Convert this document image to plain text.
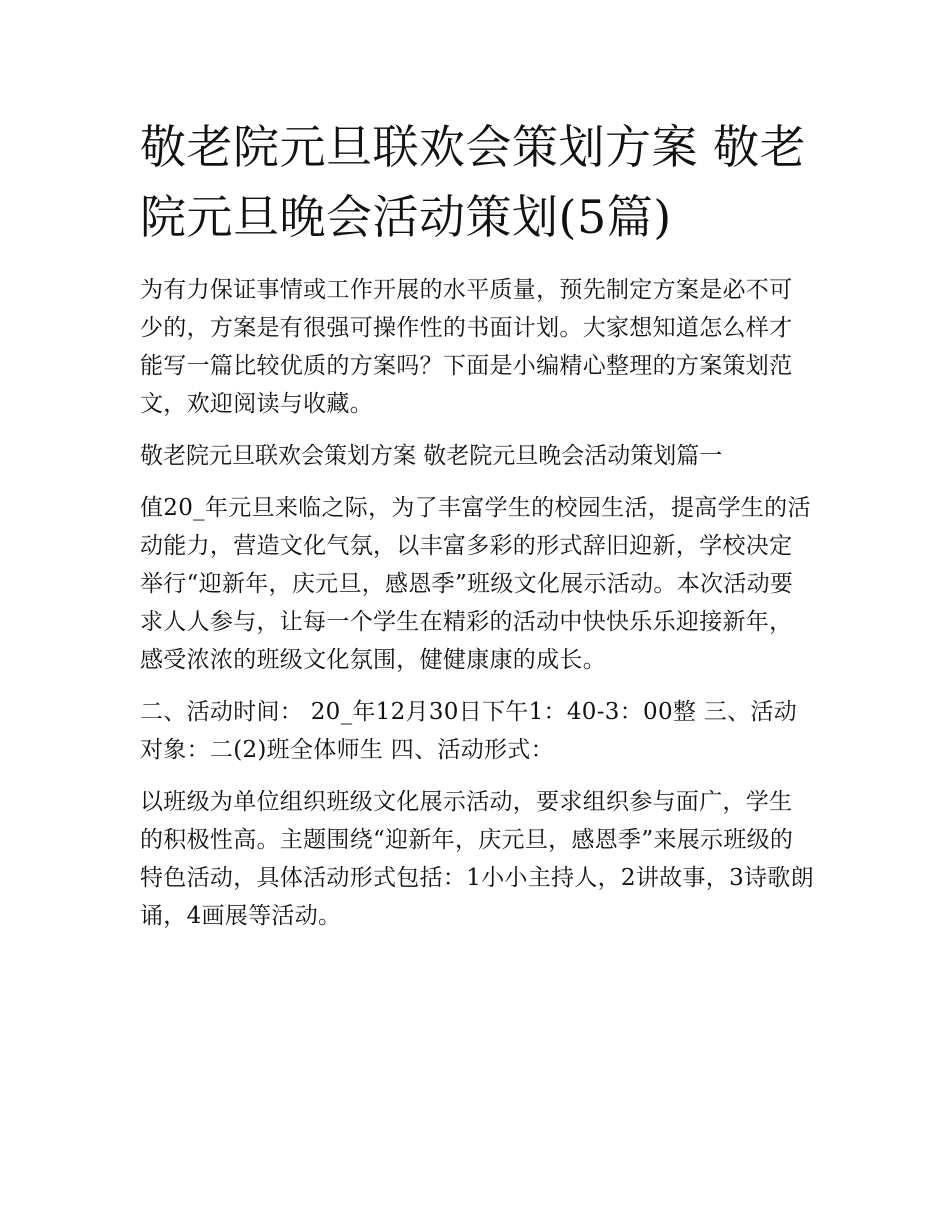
敬老院元旦联欢会策划方案 敬老院元旦晚会活动策划(5篇)

为有力保证事情或工作开展的水平质量，预先制定方案是必不可少的，方案是有很强可操作性的书面计划。大家想知道怎么样才能写一篇比较优质的方案吗？下面是小编精心整理的方案策划范文，欢迎阅读与收藏。

敬老院元旦联欢会策划方案 敬老院元旦晚会活动策划篇一

值20_年元旦来临之际，为了丰富学生的校园生活，提高学生的活动能力，营造文化气氛，以丰富多彩的形式辞旧迎新，学校决定举行“迎新年，庆元旦，感恩季”班级文化展示活动。本次活动要求人人参与，让每一个学生在精彩的活动中快快乐乐迎接新年，感受浓浓的班级文化氛围，健健康康的成长。

二、活动时间： 20_年12月30日下午1：40-3：00整 三、活动对象：二(2)班全体师生 四、活动形式：

以班级为单位组织班级文化展示活动，要求组织参与面广，学生的积极性高。主题围绕“迎新年，庆元旦，感恩季”来展示班级的特色活动，具体活动形式包括：1小小主持人，2讲故事，3诗歌朗诵，4画展等活动。
